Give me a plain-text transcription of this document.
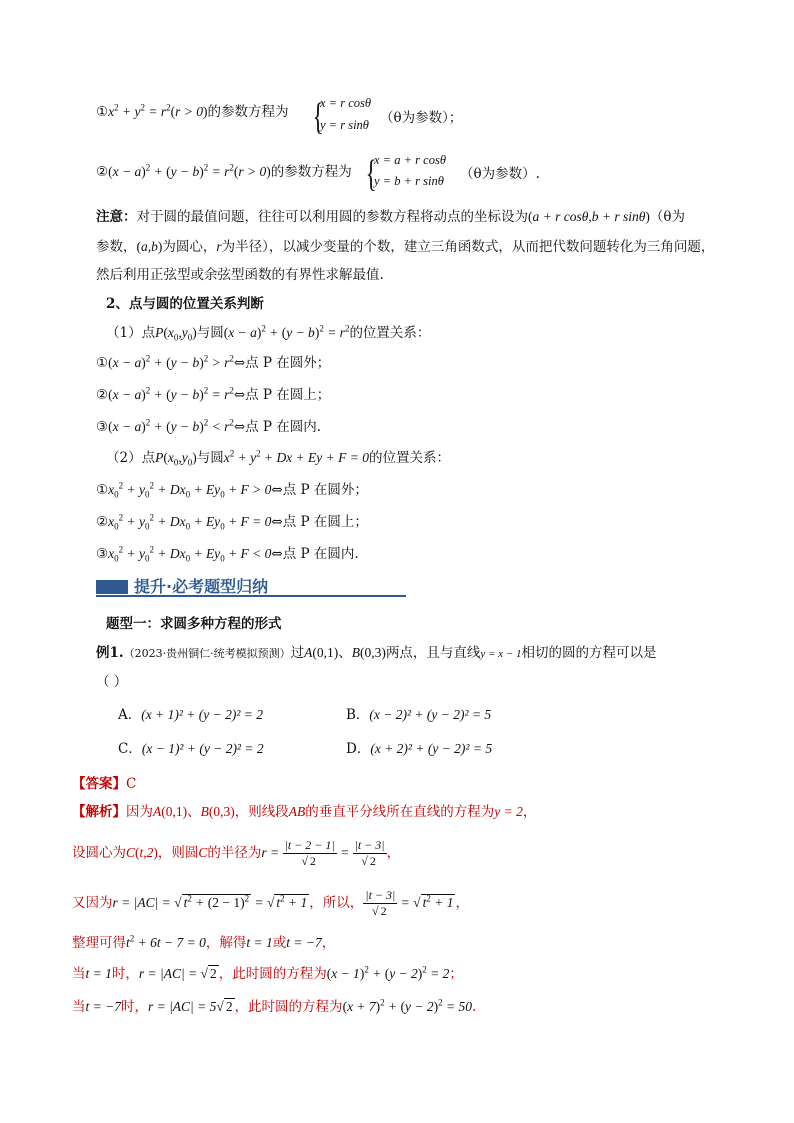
$①x^2 + y^2 = r^2(r > 0)$的参数方程为 {
x = r cosθ
y = r sinθ （θ为参数）；
②(x − $a)^2 + (y - b)^2 = r^2(r > 0)$的参数方程为 {
x = a + r cosθ
y = b + r sinθ （θ为参数）.
注意：对于圆的最值问题，往往可以利用圆的参数方程将动点的坐标设为(a + r cosθ,b + r sinθ)（θ为
参数，(a,b)为圆心，r为半径），以减少变量的个数，建立三角函数式，从而把代数问题转化为三角问题，
然后利用正弦型或余弦型函数的有界性求解最值.
2、点与圆的位置关系判断
（1）点$P(x_0,y_0)$与圆$(x - a)^2 + (y - b)^2 = r^2$的位置关系：
①(x − $a)^2 + (y - b)^2$ > $r^2\Leftrightarrow$点 P 在圆外；
②(x − $a)^2 + (y - b)^2$ = $r^2\Leftrightarrow$点 P 在圆上；
③(x − $a)^2 + (y - b)^2$ < $r^2\Leftrightarrow$点 P 在圆内.
（2）点$P(x_0,y_0)$与圆$x^2 + y^2 + Dx + Ey + F = 0$的位置关系：
$①x_0^2 + y_0^2 + Dx_0 + Ey_0 + F$ > 0⇔点 P 在圆外；
$②x_0^2 + y_0^2 + Dx_0 + Ey_0 + F$ = 0⇔点 P 在圆上；
$③x_0^2 + y_0^2 + Dx_0 + Ey_0 + F$ < 0⇔点 P 在圆内.
提升·必考题型归纳
题型一：求圆多种方程的形式
例1.（2023·贵州铜仁·统考模拟预测）过A(0,1)、B(0,3)两点，且与直线y = x − 1相切的圆的方程可以是
（ ）
A．(x + 1)² + (y − 2)² = 2	B．(x − 2)² + (y − 2)² = 5
C．(x − 1)² + (y − 2)² = 2	D．(x + 2)² + (y − 2)² = 5
【答案】C
【解析】因为A(0,1)、B(0,3)，则线段AB的垂直平分线所在直线的方程为y = 2，
设圆心为C(t,2)，则圆C的半径为$r = \frac{|t - 2 - 1|}{√ 2} = \frac{|t - 3|}{√ 2}$ ，
又因为r = |AC| = √ $t^2 + (2 - 1)^2$ = √ $t^2 + 1$ ，所以， $\frac{|t - 3|}{√ 2}$ = √ $t^2 + 1$ ，
整理可得$t^2 + 6t - 7 = 0$，解得t = 1或t = −7，
当t = 1时，r = |AC| = √ 2 ，此时圆的方程为$(x - 1)^2 + (y - 2)^2 = 2$；
当t = −7时，r = |AC| = 5√ 2 ，此时圆的方程为$(x + 7)^2 + (y - 2)^2 = 50$.
